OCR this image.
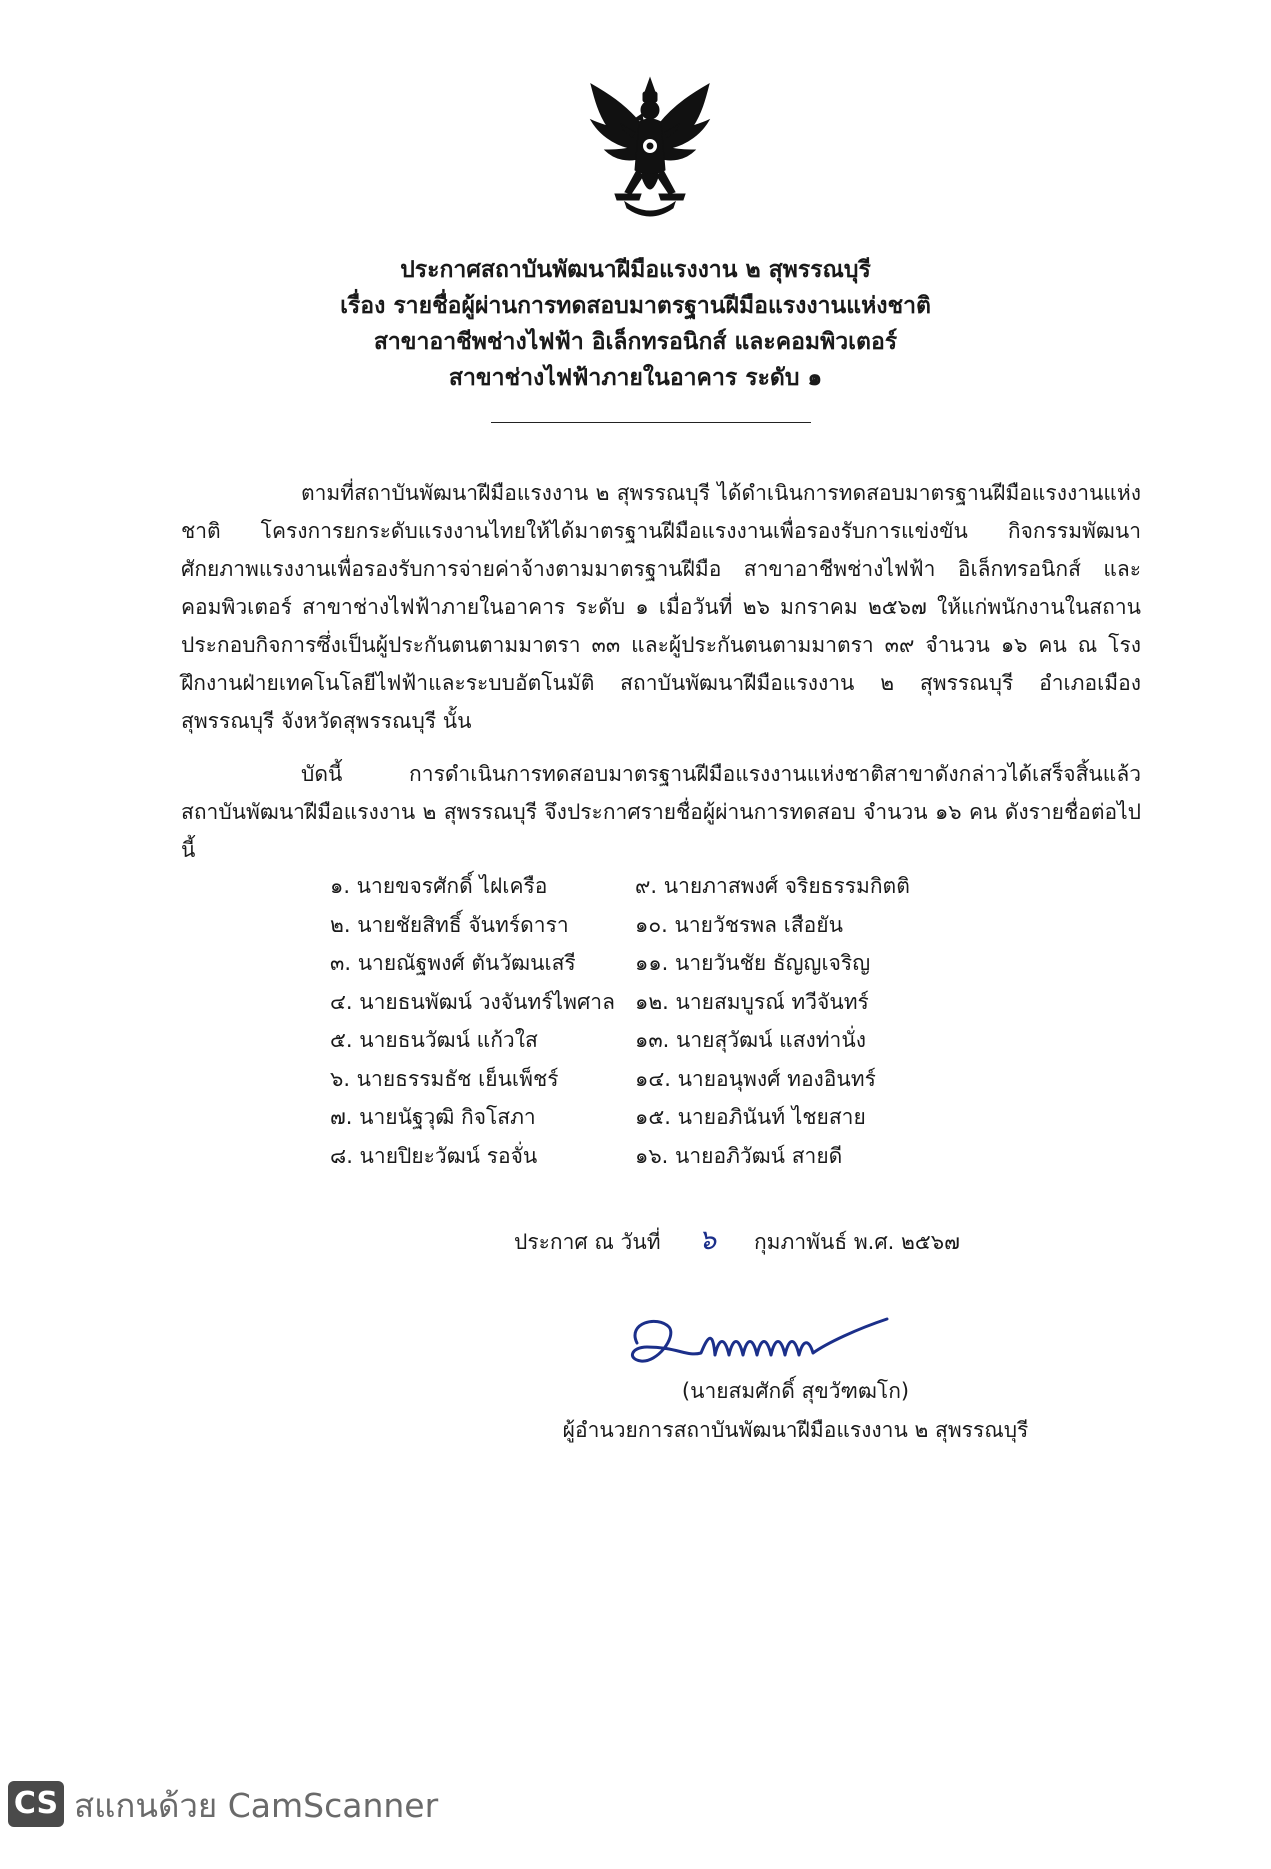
ประกาศสถาบันพัฒนาฝีมือแรงงาน ๒ สุพรรณบุรี
เรื่อง รายชื่อผู้ผ่านการทดสอบมาตรฐานฝีมือแรงงานแห่งชาติ
สาขาอาชีพช่างไฟฟ้า อิเล็กทรอนิกส์ และคอมพิวเตอร์
สาขาช่างไฟฟ้าภายในอาคาร ระดับ ๑
ตามที่สถาบันพัฒนาฝีมือแรงงาน ๒ สุพรรณบุรี ได้ดำเนินการทดสอบมาตรฐานฝีมือแรงงานแห่งชาติ โครงการยกระดับแรงงานไทยให้ได้มาตรฐานฝีมือแรงงานเพื่อรองรับการแข่งขัน กิจกรรมพัฒนาศักยภาพแรงงานเพื่อรองรับการจ่ายค่าจ้างตามมาตรฐานฝีมือ สาขาอาชีพช่างไฟฟ้า อิเล็กทรอนิกส์ และคอมพิวเตอร์ สาขาช่างไฟฟ้าภายในอาคาร ระดับ ๑ เมื่อวันที่ ๒๖ มกราคม ๒๕๖๗ ให้แก่พนักงานในสถานประกอบกิจการซึ่งเป็นผู้ประกันตนตามมาตรา ๓๓ และผู้ประกันตนตามมาตรา ๓๙ จำนวน ๑๖ คน ณ โรงฝึกงานฝ่ายเทคโนโลยีไฟฟ้าและระบบอัตโนมัติ สถาบันพัฒนาฝีมือแรงงาน ๒ สุพรรณบุรี อำเภอเมืองสุพรรณบุรี จังหวัดสุพรรณบุรี นั้น
บัดนี้ การดำเนินการทดสอบมาตรฐานฝีมือแรงงานแห่งชาติสาขาดังกล่าวได้เสร็จสิ้นแล้ว สถาบันพัฒนาฝีมือแรงงาน ๒ สุพรรณบุรี จึงประกาศรายชื่อผู้ผ่านการทดสอบ จำนวน ๑๖ คน ดังรายชื่อต่อไปนี้
๑. นายขจรศักดิ์ ไฝเครือ	๙. นายภาสพงศ์ จริยธรรมกิตติ
๒. นายชัยสิทธิ์ จันทร์ดารา	๑๐. นายวัชรพล เสือยัน
๓. นายณัฐพงศ์ ตันวัฒนเสรี	๑๑. นายวันชัย ธัญญเจริญ
๔. นายธนพัฒน์ วงจันทร์ไพศาล ๑๒. นายสมบูรณ์ ทวีจันทร์
๕. นายธนวัฒน์ แก้วใส	๑๓. นายสุวัฒน์ แสงท่านั่ง
๖. นายธรรมธัช เย็นเพ็ชร์	๑๔. นายอนุพงศ์ ทองอินทร์
๗. นายนัฐวุฒิ กิจโสภา	๑๕. นายอภินันท์ ไชยสาย
๘. นายปิยะวัฒน์ รอจั่น	๑๖. นายอภิวัฒน์ สายดี
ประกาศ ณ วันที่ ๖ กุมภาพันธ์ พ.ศ. ๒๕๖๗
(นายสมศักดิ์ สุขวัฑฒโก)
ผู้อำนวยการสถาบันพัฒนาฝีมือแรงงาน ๒ สุพรรณบุรี
CS สแกนด้วย CamScanner
